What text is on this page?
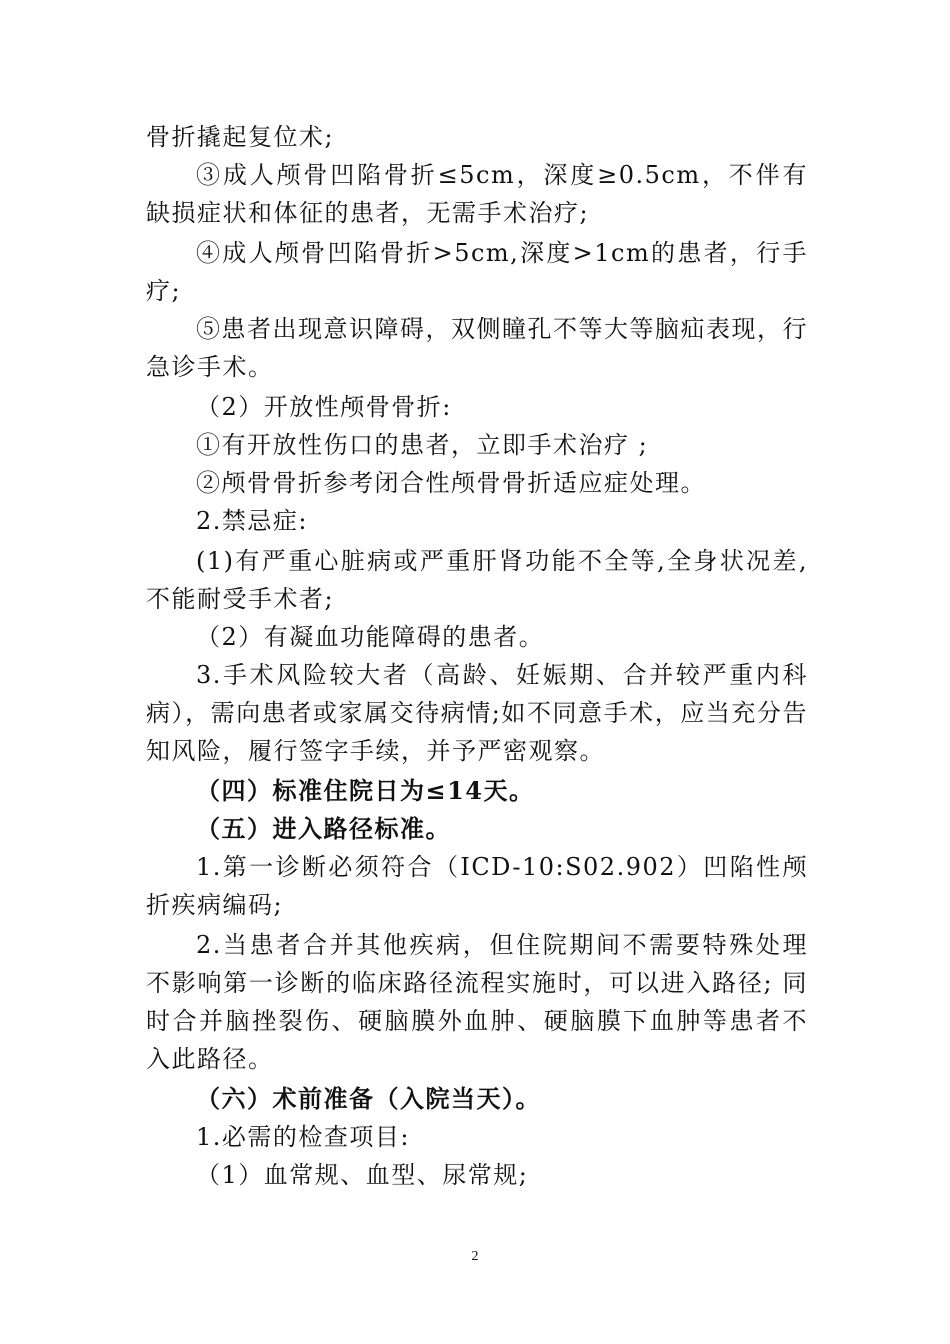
骨折撬起复位术;
③成人颅骨凹陷骨折≤5cm，深度≥0.5cm，不伴有
缺损症状和体征的患者，无需手术治疗;
④成人颅骨凹陷骨折>5cm,深度>1cm的患者，行手
疗;
⑤患者出现意识障碍，双侧瞳孔不等大等脑疝表现，行
急诊手术。
（2）开放性颅骨骨折:
①有开放性伤口的患者，立即手术治疗 ;
②颅骨骨折参考闭合性颅骨骨折适应症处理。
2.禁忌症:
(1)有严重心脏病或严重肝肾功能不全等,全身状况差,
不能耐受手术者;
（2）有凝血功能障碍的患者。
3.手术风险较大者（高龄、妊娠期、合并较严重内科
病），需向患者或家属交待病情;如不同意手术，应当充分告
知风险，履行签字手续，并予严密观察。
（四）标准住院日为≤14天。
（五）进入路径标准。
1.第一诊断必须符合（ICD-10:S02.902）凹陷性颅
折疾病编码;
2.当患者合并其他疾病，但住院期间不需要特殊处理
不影响第一诊断的临床路径流程实施时，可以进入路径; 同
时合并脑挫裂伤、硬脑膜外血肿、硬脑膜下血肿等患者不
入此路径。
（六）术前准备（入院当天）。
1.必需的检查项目:
（1）血常规、血型、尿常规;
2
